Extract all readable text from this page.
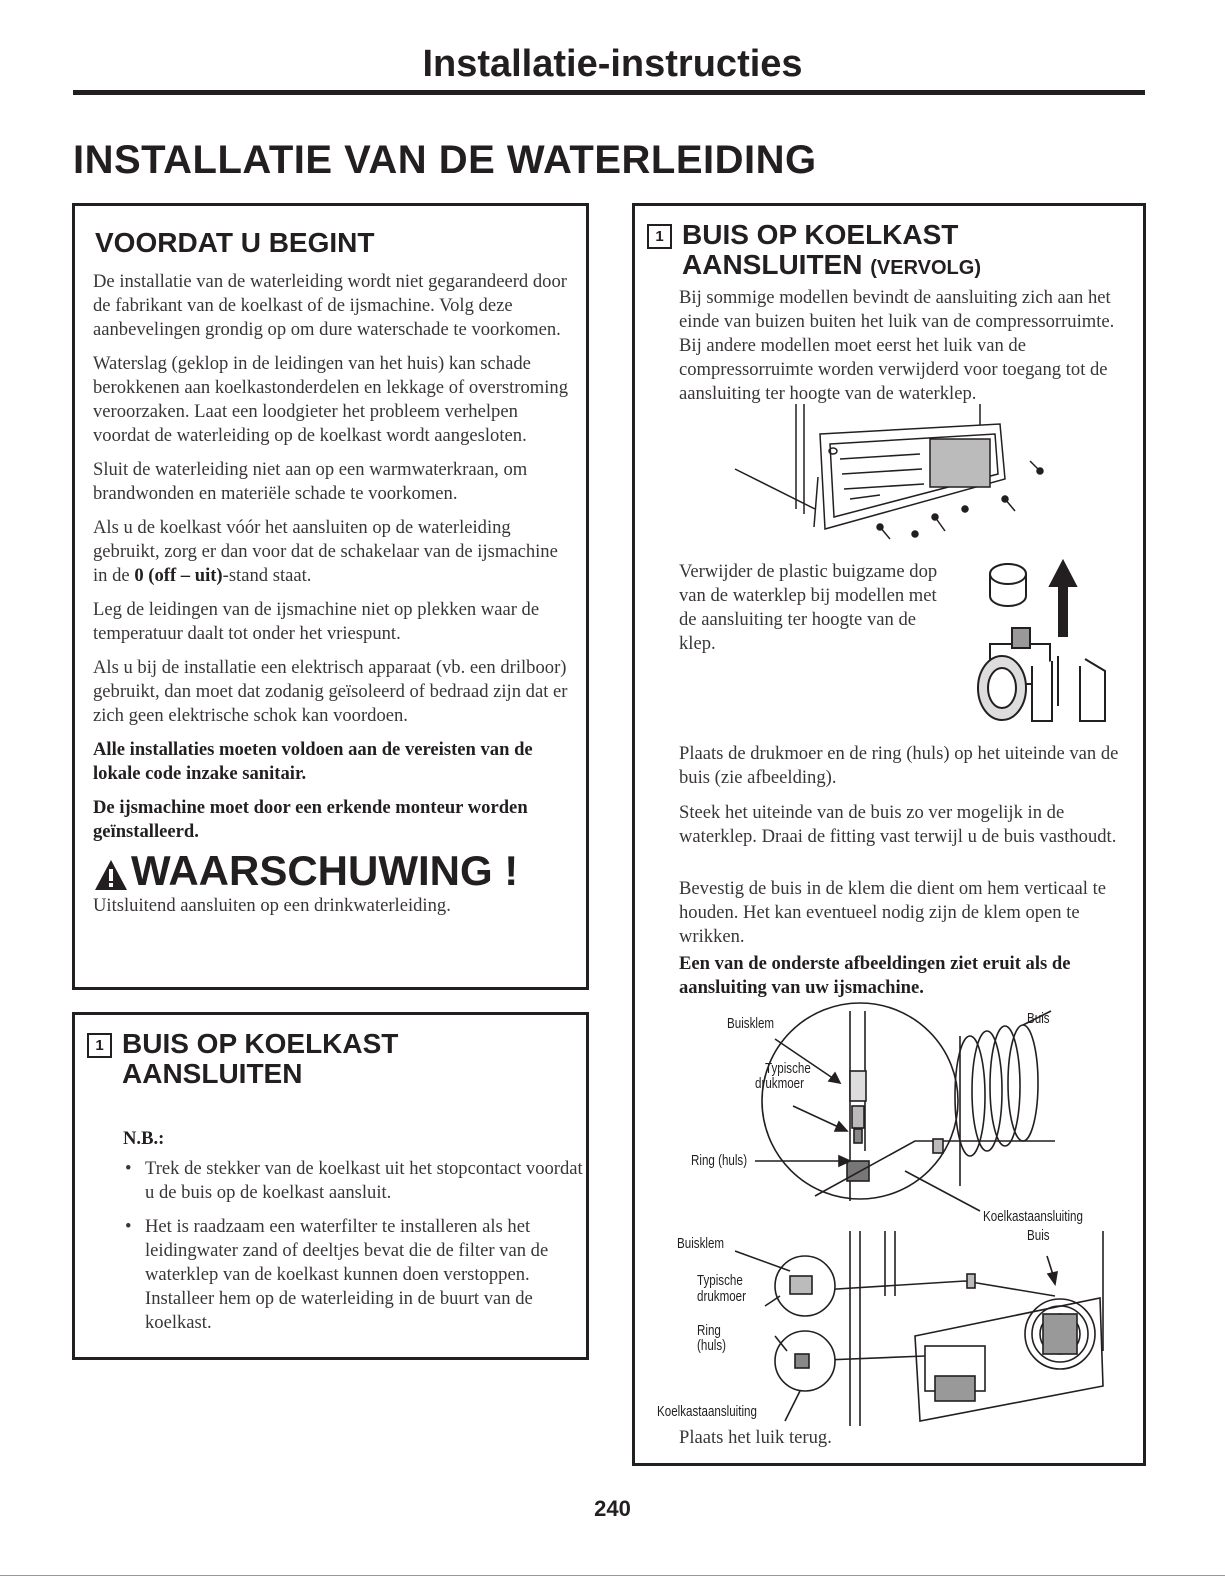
Installatie-instructies
INSTALLATIE VAN DE WATERLEIDING
VOORDAT U BEGINT

De installatie van de waterleiding wordt niet gegarandeerd door de fabrikant van de koelkast of de ijsmachine. Volg deze aanbevelingen grondig op om dure waterschade te voorkomen.

Waterslag (geklop in de leidingen van het huis) kan schade berokkenen aan koelkastonderdelen en lekkage of overstroming veroorzaken. Laat een loodgieter het probleem verhelpen voordat de waterleiding op de koelkast wordt aangesloten.

Sluit de waterleiding niet aan op een warmwaterkraan, om brandwonden en materiële schade te voorkomen.

Als u de koelkast vóór het aansluiten op de waterleiding gebruikt, zorg er dan voor dat de schakelaar van de ijsmachine in de 0 (off – uit)-stand staat.

Leg de leidingen van de ijsmachine niet op plekken waar de temperatuur daalt tot onder het vriespunt.

Als u bij de installatie een elektrisch apparaat (vb. een drilboor) gebruikt, dan moet dat zodanig geïsoleerd of bedraad zijn dat er zich geen elektrische schok kan voordoen.

Alle installaties moeten voldoen aan de vereisten van de lokale code inzake sanitair.

De ijsmachine moet door een erkende monteur worden geïnstalleerd.

WAARSCHUWING !

Uitsluitend aansluiten op een drinkwaterleiding.

1 BUIS OP KOELKAST
AANSLUITEN
N.B.:
• Trek de stekker van de koelkast uit het stopcontact voordat u de buis op de koelkast aansluit.
• Het is raadzaam een waterfilter te installeren als het leidingwater zand of deeltjes bevat die de filter van de waterklep van de koelkast kunnen doen verstoppen. Installeer hem op de waterleiding in de buurt van de koelkast.
1 BUIS OP KOELKAST
AANSLUITEN (VERVOLG)

Bij sommige modellen bevindt de aansluiting zich aan het einde van buizen buiten het luik van de compressorruimte. Bij andere modellen moet eerst het luik van de compressorruimte worden verwijderd voor toegang tot de aansluiting ter hoogte van de waterklep.

Verwijder de plastic buigzame dop van de waterklep bij modellen met de aansluiting ter hoogte van de klep.

Plaats de drukmoer en de ring (huls) op het uiteinde van de buis (zie afbeelding).

Steek het uiteinde van de buis zo ver mogelijk in de waterklep. Draai de fitting vast terwijl u de buis vasthoudt.

Bevestig de buis in de klem die dient om hem verticaal te houden. Het kan eventueel nodig zijn de klem open te wrikken.

Een van de onderste afbeeldingen ziet eruit als de aansluiting van uw ijsmachine.

Buisklem	Buis
Typische
drukmoer
Ring (huls)
Koelkastaansluiting
Buisklem	Buis
Typische
drukmoer
Ring
(huls)
Koelkastaansluiting

Plaats het luik terug.

240
